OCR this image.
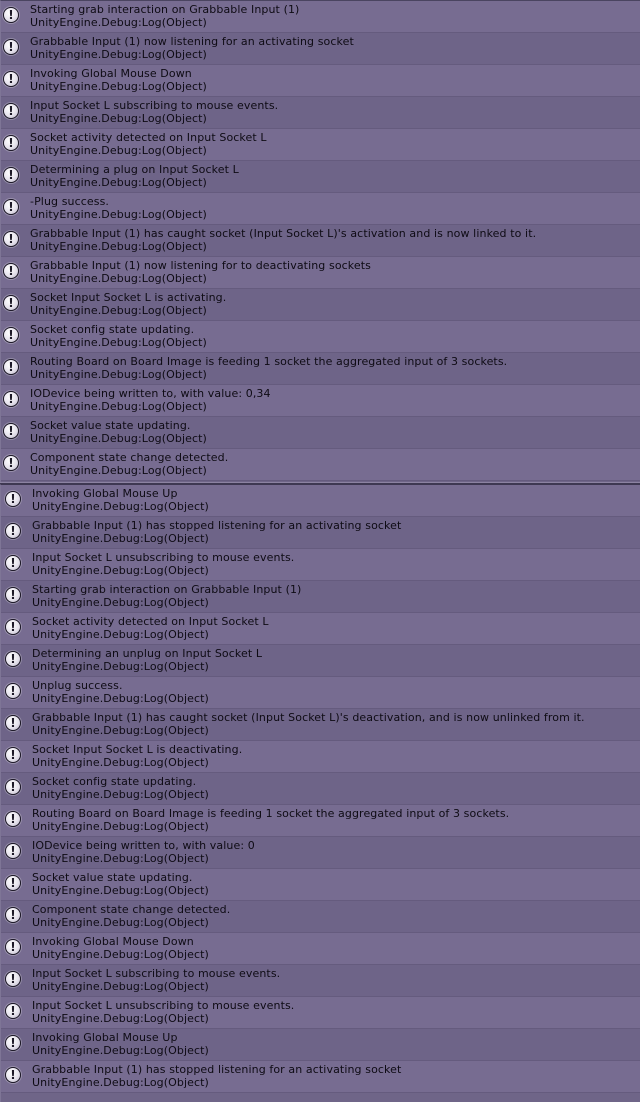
!	Starting grab interaction on Grabbable Input (1)
UnityEngine.Debug:Log(Object)
!	Grabbable Input (1) now listening for an activating socket
UnityEngine.Debug:Log(Object)
!	Invoking Global Mouse Down
UnityEngine.Debug:Log(Object)
!	Input Socket L subscribing to mouse events.
UnityEngine.Debug:Log(Object)
!	Socket activity detected on Input Socket L
UnityEngine.Debug:Log(Object)
!	Determining a plug on Input Socket L
UnityEngine.Debug:Log(Object)
!	-Plug success.
UnityEngine.Debug:Log(Object)
!	Grabbable Input (1) has caught socket (Input Socket L)'s activation and is now linked to it.
UnityEngine.Debug:Log(Object)
!	Grabbable Input (1) now listening for to deactivating sockets
UnityEngine.Debug:Log(Object)
!	Socket Input Socket L is activating.
UnityEngine.Debug:Log(Object)
!	Socket config state updating.
UnityEngine.Debug:Log(Object)
!	Routing Board on Board Image is feeding 1 socket the aggregated input of 3 sockets.
UnityEngine.Debug:Log(Object)
!	IODevice being written to, with value: 0,34
UnityEngine.Debug:Log(Object)
!	Socket value state updating.
UnityEngine.Debug:Log(Object)
!	Component state change detected.
UnityEngine.Debug:Log(Object)
!	Invoking Global Mouse Up
UnityEngine.Debug:Log(Object)
!	Grabbable Input (1) has stopped listening for an activating socket
UnityEngine.Debug:Log(Object)
!	Input Socket L unsubscribing to mouse events.
UnityEngine.Debug:Log(Object)
!	Starting grab interaction on Grabbable Input (1)
UnityEngine.Debug:Log(Object)
!	Socket activity detected on Input Socket L
UnityEngine.Debug:Log(Object)
!	Determining an unplug on Input Socket L
UnityEngine.Debug:Log(Object)
!	Unplug success.
UnityEngine.Debug:Log(Object)
!	Grabbable Input (1) has caught socket (Input Socket L)'s deactivation, and is now unlinked from it.
UnityEngine.Debug:Log(Object)
!	Socket Input Socket L is deactivating.
UnityEngine.Debug:Log(Object)
!	Socket config state updating.
UnityEngine.Debug:Log(Object)
!	Routing Board on Board Image is feeding 1 socket the aggregated input of 3 sockets.
UnityEngine.Debug:Log(Object)
!	IODevice being written to, with value: 0
UnityEngine.Debug:Log(Object)
!	Socket value state updating.
UnityEngine.Debug:Log(Object)
!	Component state change detected.
UnityEngine.Debug:Log(Object)
!	Invoking Global Mouse Down
UnityEngine.Debug:Log(Object)
!	Input Socket L subscribing to mouse events.
UnityEngine.Debug:Log(Object)
!	Input Socket L unsubscribing to mouse events.
UnityEngine.Debug:Log(Object)
!	Invoking Global Mouse Up
UnityEngine.Debug:Log(Object)
!	Grabbable Input (1) has stopped listening for an activating socket
UnityEngine.Debug:Log(Object)
